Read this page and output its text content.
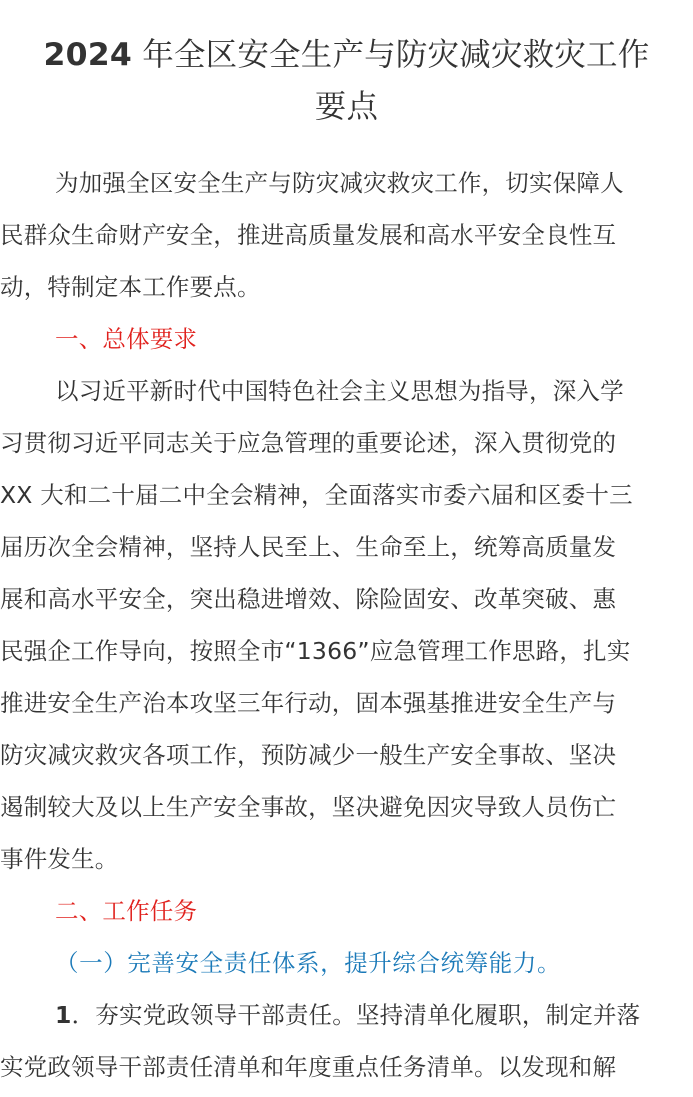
2024 年全区安全生产与防灾减灾救灾工作
要点

为加强全区安全生产与防灾减灾救灾工作，切实保障人
民群众生命财产安全，推进高质量发展和高水平安全良性互
动，特制定本工作要点。

一、总体要求

以习近平新时代中国特色社会主义思想为指导，深入学
习贯彻习近平同志关于应急管理的重要论述，深入贯彻党的
XX 大和二十届二中全会精神，全面落实市委六届和区委十三
届历次全会精神，坚持人民至上、生命至上，统筹高质量发
展和高水平安全，突出稳进增效、除险固安、改革突破、惠
民强企工作导向，按照全市“1366”应急管理工作思路，扎实
推进安全生产治本攻坚三年行动，固本强基推进安全生产与
防灾减灾救灾各项工作，预防减少一般生产安全事故、坚决
遏制较大及以上生产安全事故，坚决避免因灾导致人员伤亡
事件发生。

二、工作任务

（一）完善安全责任体系，提升综合统筹能力。

1．夯实党政领导干部责任。坚持清单化履职，制定并落
实党政领导干部责任清单和年度重点任务清单。以发现和解
